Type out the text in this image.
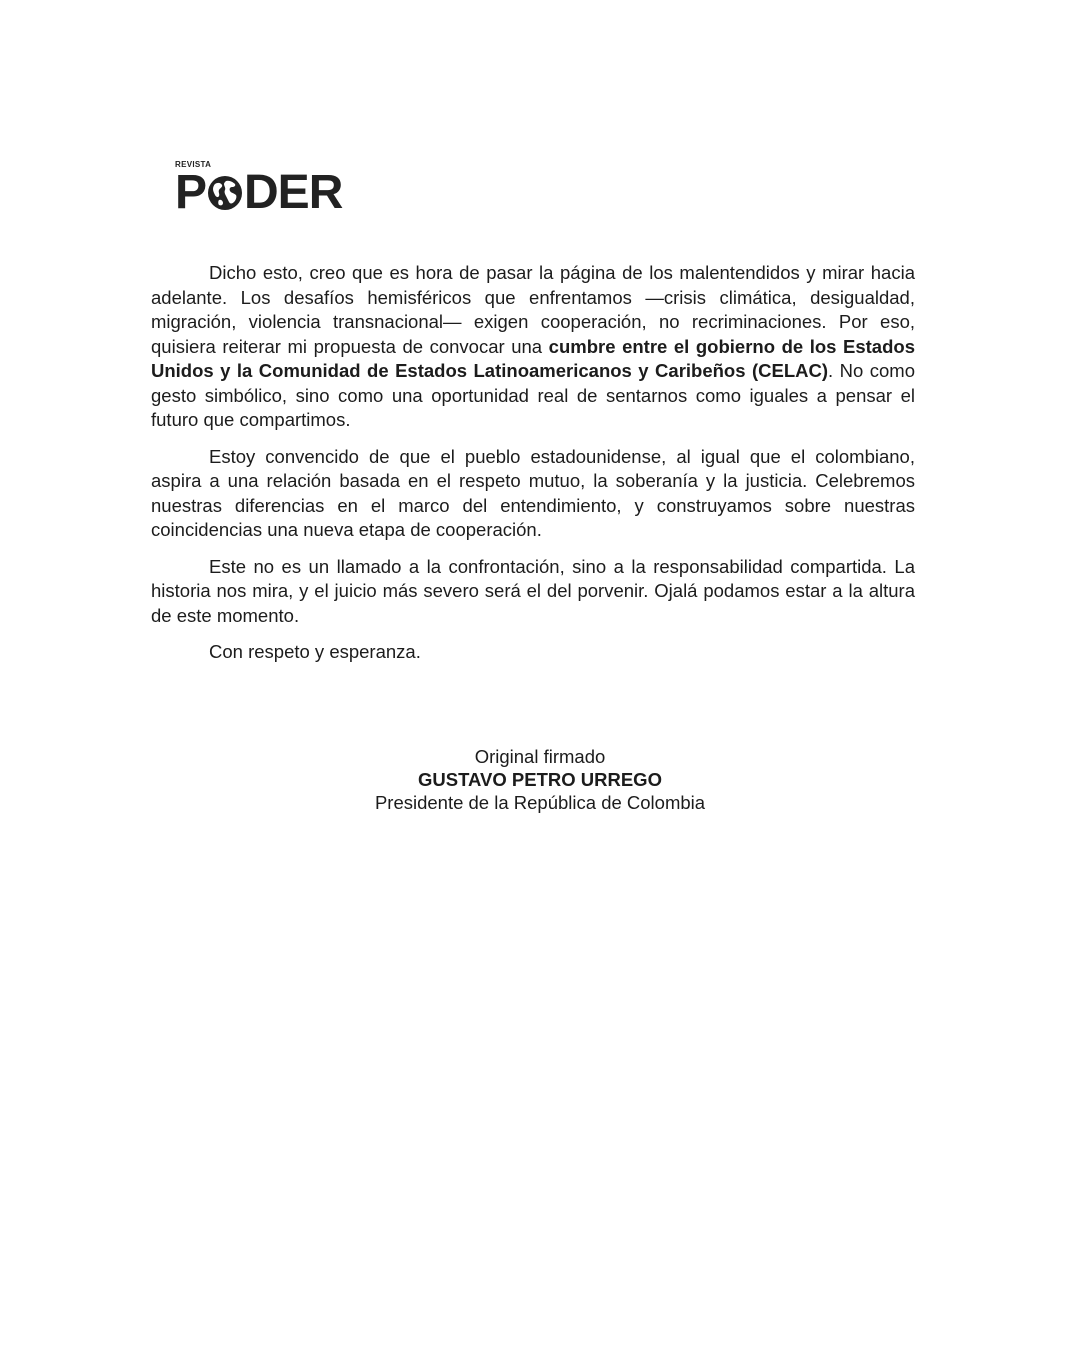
REVISTA
P DER

Dicho esto, creo que es hora de pasar la página de los malentendidos y mirar hacia adelante. Los desafíos hemisféricos que enfrentamos —crisis climática, desigualdad, migración, violencia transnacional— exigen cooperación, no recriminaciones. Por eso, quisiera reiterar mi propuesta de convocar una cumbre entre el gobierno de los Estados Unidos y la Comunidad de Estados Latinoamericanos y Caribeños (CELAC). No como gesto simbólico, sino como una oportunidad real de sentarnos como iguales a pensar el futuro que compartimos.

Estoy convencido de que el pueblo estadounidense, al igual que el colombiano, aspira a una relación basada en el respeto mutuo, la soberanía y la justicia. Celebremos nuestras diferencias en el marco del entendimiento, y construyamos sobre nuestras coincidencias una nueva etapa de cooperación.

Este no es un llamado a la confrontación, sino a la responsabilidad compartida. La historia nos mira, y el juicio más severo será el del porvenir. Ojalá podamos estar a la altura de este momento.

Con respeto y esperanza.

Original firmado
GUSTAVO PETRO URREGO
Presidente de la República de Colombia
